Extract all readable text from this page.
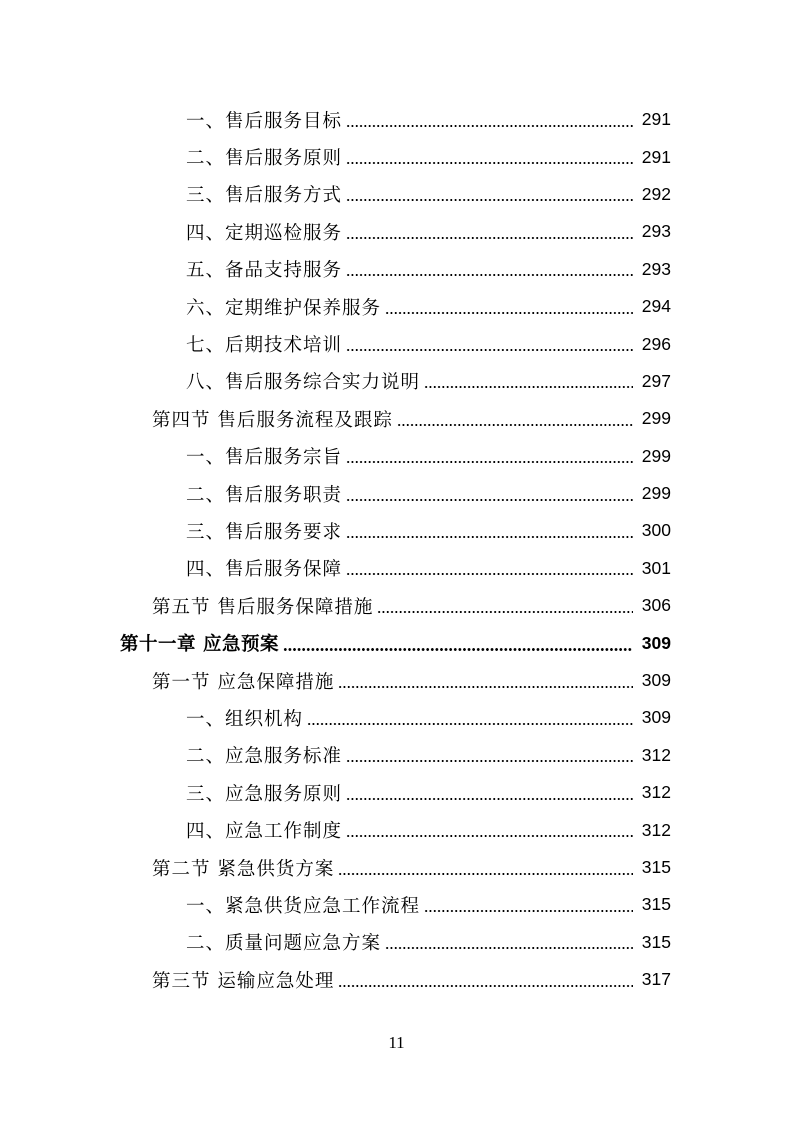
一、售后服务目标	291
二、售后服务原则	291
三、售后服务方式	292
四、定期巡检服务	293
五、备品支持服务	293
六、定期维护保养服务	294
七、后期技术培训	296
八、售后服务综合实力说明	297
第四节 售后服务流程及跟踪	299
一、售后服务宗旨	299
二、售后服务职责	299
三、售后服务要求	300
四、售后服务保障	301
第五节 售后服务保障措施	306
第十一章 应急预案	309
第一节 应急保障措施	309
一、组织机构	309
二、应急服务标准	312
三、应急服务原则	312
四、应急工作制度	312
第二节 紧急供货方案	315
一、紧急供货应急工作流程	315
二、质量问题应急方案	315
第三节 运输应急处理	317
11
